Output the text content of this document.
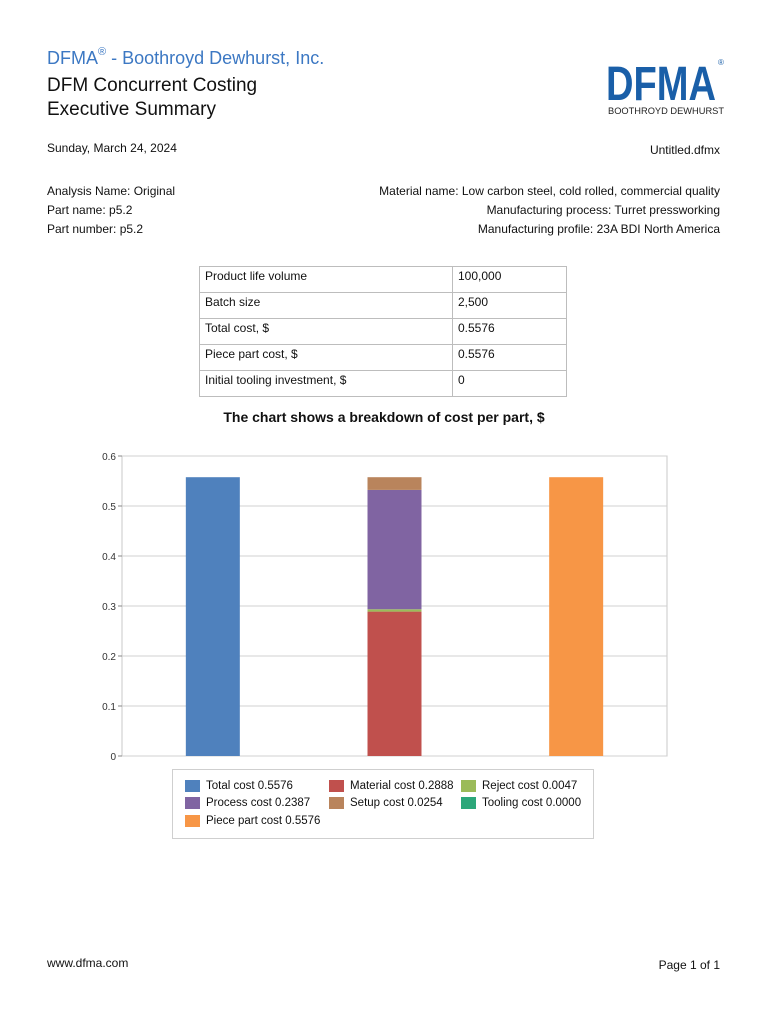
DFMA® - Boothroyd Dewhurst, Inc.
DFM Concurrent Costing
Executive Summary	DFMA ®
BOOTHROYD DEWHURST
Sunday, March 24, 2024	Untitled.dfmx
Analysis Name: Original
Part name: p5.2
Part number: p5.2
Material name: Low carbon steel, cold rolled, commercial quality
Manufacturing process: Turret pressworking
Manufacturing profile: 23A BDI North America
Product life volume	100,000
Batch size	2,500
Total cost, $	0.5576
Piece part cost, $	0.5576
Initial tooling investment, $	0
The chart shows a breakdown of cost per part, $
0
0.1
0.2
0.3
0.4
0.5
0.6
Total cost 0.5576	Material cost 0.2888 Reject cost 0.0047
Process cost 0.2387	Setup cost 0.0254	Tooling cost 0.0000
Piece part cost 0.5576
www.dfma.com	Page 1 of 1
